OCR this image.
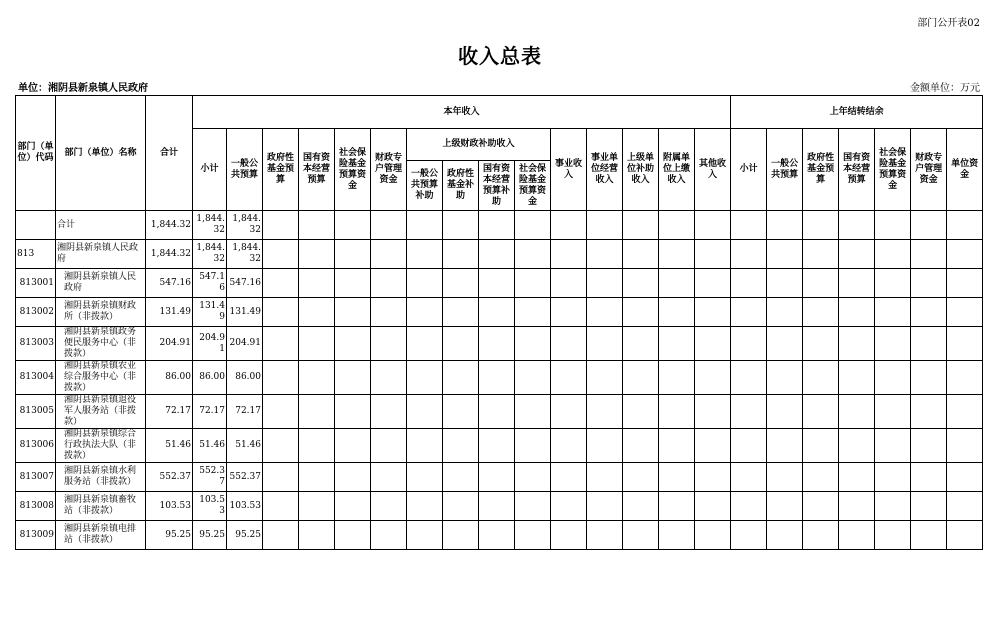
部门公开表02
收入总表
单位：湘阴县新泉镇人民政府	金额单位：万元
部门（单位）代码	部门（单位）名称	合计	本年收入															上年结转结余						
			小计	一般公共预算	政府性基金预算	国有资本经营预算	社会保险基金预算资金	财政专户管理资金	上级财政补助收入				事业收入	事业单位经营收入	上级单位补助收入	附属单位上缴收入	其他收入	小计	一般公共预算	政府性基金预算	国有资本经营预算	社会保险基金预算资金	财政专户管理资金	单位资金
									一般公共预算补助	政府性基金补助	国有资本经营预算补助	社会保险基金预算资金												
	合计	1,844.32	1,844.32	1,844.32																				
813	湘阴县新泉镇人民政府	1,844.32	1,844.32	1,844.32																				
813001	湘阴县新泉镇人民政府	547.16	547.16	547.16																				
813002	湘阴县新泉镇财政所（非拨款）	131.49	131.49	131.49																				
813003	湘阴县新泉镇政务便民服务中心（非拨款）	204.91	204.91	204.91																				
813004	湘阴县新泉镇农业综合服务中心（非拨款）	86.00	86.00	86.00																				
813005	湘阴县新泉镇退役军人服务站（非拨款）	72.17	72.17	72.17																				
813006	湘阴县新泉镇综合行政执法大队（非拨款）	51.46	51.46	51.46																				
813007	湘阴县新泉镇水利服务站（非拨款）	552.37	552.37	552.37																				
813008	湘阴县新泉镇畜牧站（非拨款）	103.53	103.53	103.53																				
813009	湘阴县新泉镇电排站（非拨款）	95.25	95.25	95.25																				
